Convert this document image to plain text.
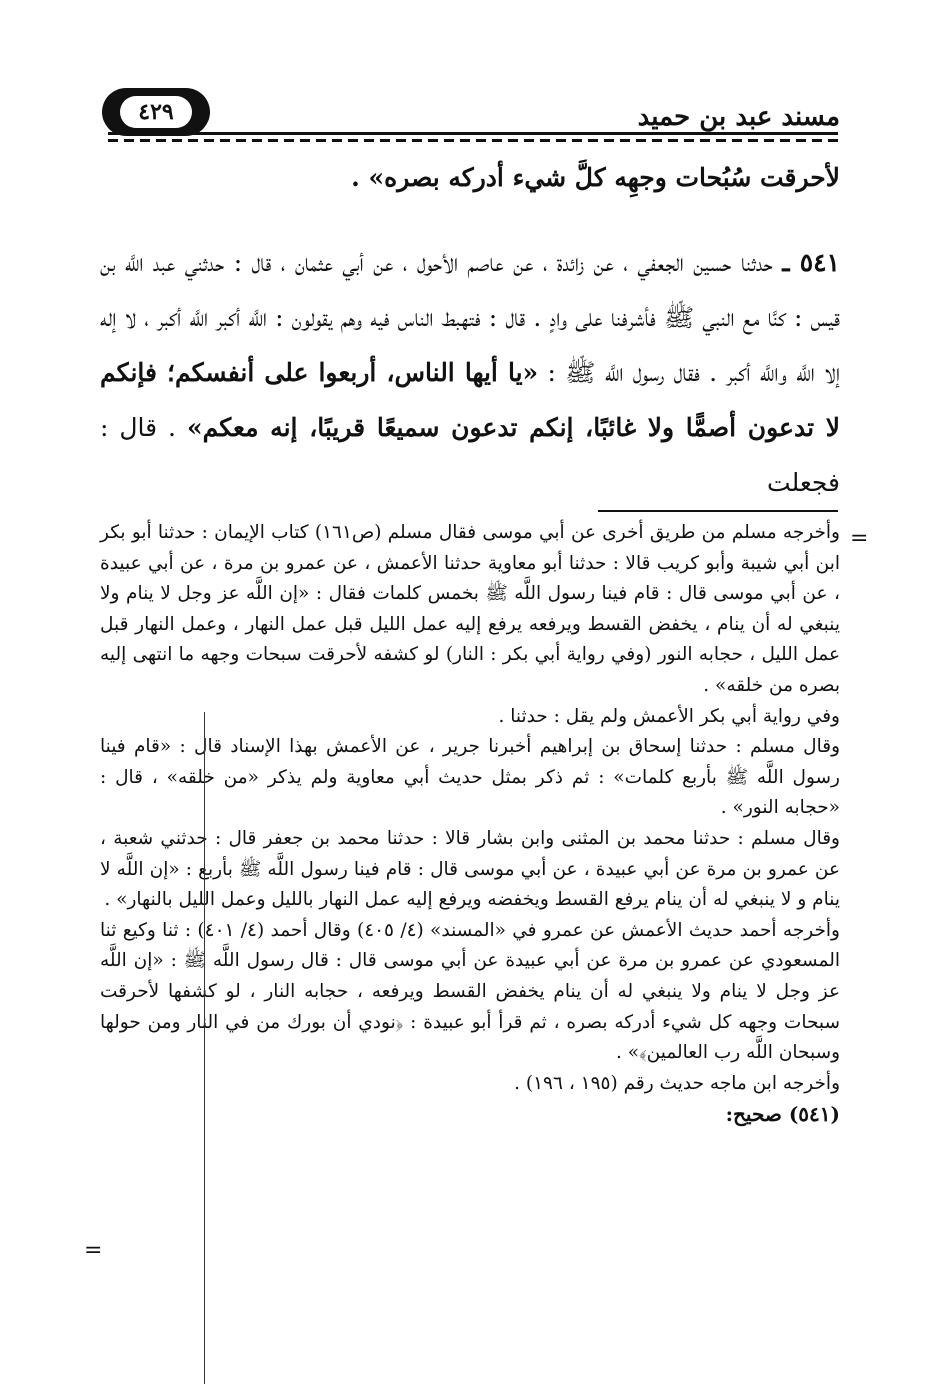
مسند عبد بن حميد
٤٢٩

لأحرقت سُبُحات وجهِه كلَّ شيء أدركه بصره» .

٥٤١ ـ حدثنا حسين الجعفي ، عن زائدة ، عن عاصم الأحول ، عن أبي عثمان ، قال : حدثني عبد اللَّه بن قيس : كنَّا مع النبي ﷺ فأشرفنا على وادٍ . قال : فتهبط الناس فيه وهم يقولون : اللَّه أكبر اللَّه أكبر ، لا إله إلا اللَّه واللَّه أكبر . فقال رسول اللَّه ﷺ : «يا أيها الناس، أربعوا على أنفسكم؛ فإنكم لا تدعون أصمًّا ولا غائبًا، إنكم تدعون سميعًا قريبًا، إنه معكم» . قال : فجعلت

=

وأخرجه مسلم من طريق أخرى عن أبي موسى فقال مسلم (ص١٦١) كتاب الإيمان : حدثنا أبو بكر ابن أبي شيبة وأبو كريب قالا : حدثنا أبو معاوية حدثنا الأعمش ، عن عمرو بن مرة ، عن أبي عبيدة ، عن أبي موسى قال : قام فينا رسول اللَّه ﷺ بخمس كلمات فقال : «إن اللَّه عز وجل لا ينام ولا ينبغي له أن ينام ، يخفض القسط ويرفعه يرفع إليه عمل الليل قبل عمل النهار ، وعمل النهار قبل عمل الليل ، حجابه النور (وفي رواية أبي بكر : النار) لو كشفه لأحرقت سبحات وجهه ما انتهى إليه بصره من خلقه» .

وفي رواية أبي بكر الأعمش ولم يقل : حدثنا .

وقال مسلم : حدثنا إسحاق بن إبراهيم أخبرنا جرير ، عن الأعمش بهذا الإسناد قال : «قام فينا رسول اللَّه ﷺ بأربع كلمات» : ثم ذكر بمثل حديث أبي معاوية ولم يذكر «من خلقه» ، قال : «حجابه النور» .

وقال مسلم : حدثنا محمد بن المثنى وابن بشار قالا : حدثنا محمد بن جعفر قال : حدثني شعبة ، عن عمرو بن مرة عن أبي عبيدة ، عن أبي موسى قال : قام فينا رسول اللَّه ﷺ بأربع : «إن اللَّه لا ينام و لا ينبغي له أن ينام يرفع القسط ويخفضه ويرفع إليه عمل النهار بالليل وعمل الليل بالنهار» .

وأخرجه أحمد حديث الأعمش عن عمرو في «المسند» (٤/ ٤٠٥) وقال أحمد (٤/ ٤٠١) : ثنا وكيع ثنا المسعودي عن عمرو بن مرة عن أبي عبيدة عن أبي موسى قال : قال رسول اللَّه ﷺ : «إن اللَّه عز وجل لا ينام ولا ينبغي له أن ينام يخفض القسط ويرفعه ، حجابه النار ، لو كشفها لأحرقت سبحات وجهه كل شيء أدركه بصره ، ثم قرأ أبو عبيدة : ﴿نودي أن بورك من في النار ومن حولها وسبحان اللَّه رب العالمين﴾» .

وأخرجه ابن ماجه حديث رقم (١٩٥ ، ١٩٦) .

(٥٤١) صحيح:

=
